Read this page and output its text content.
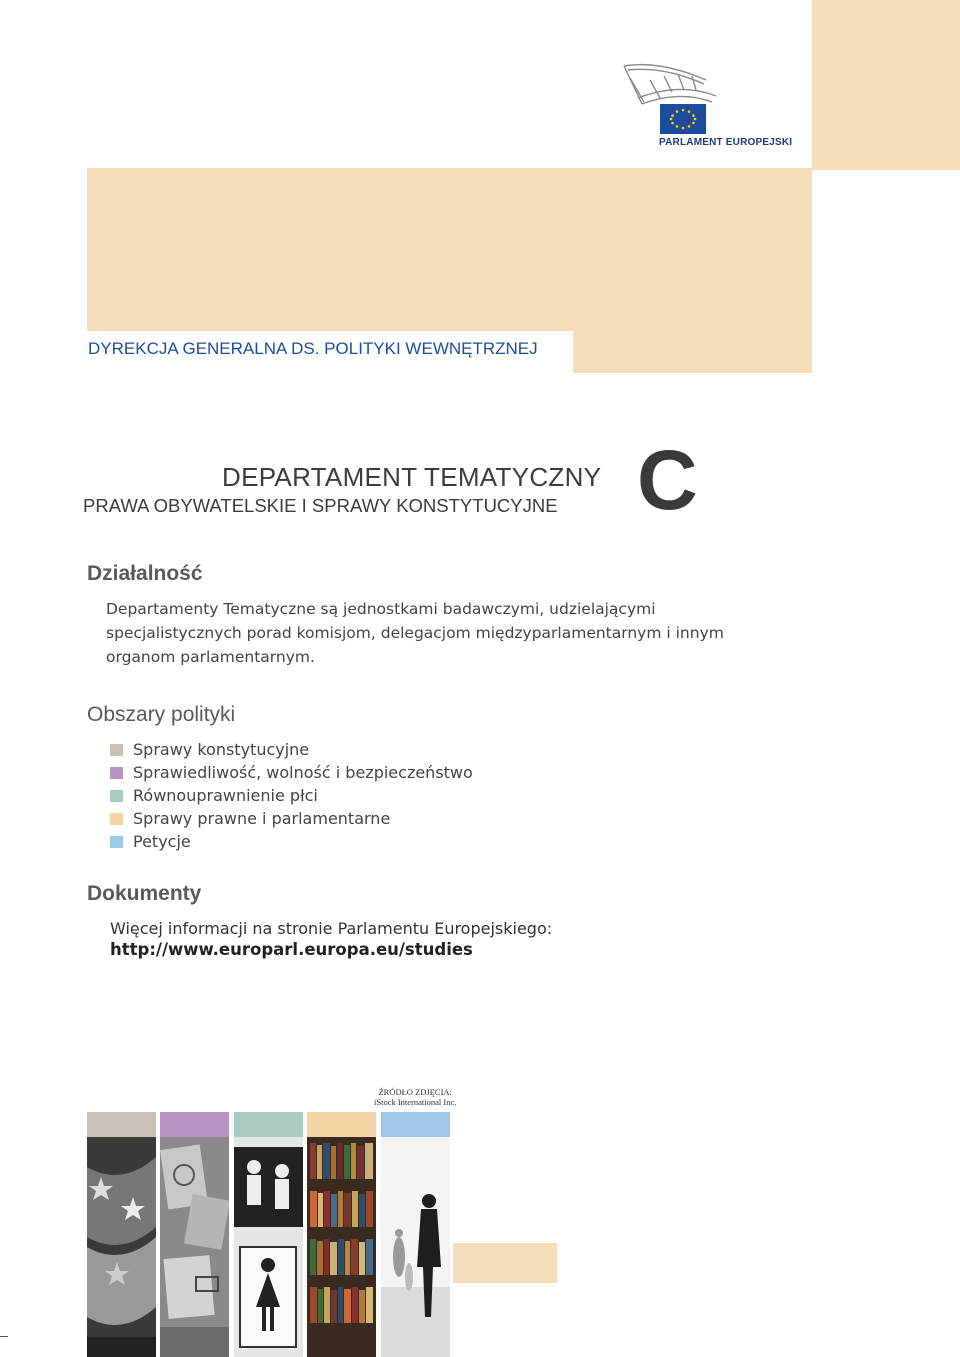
PARLAMENT EUROPEJSKI
DYREKCJA GENERALNA DS. POLITYKI WEWNĘTRZNEJ
DEPARTAMENT TEMATYCZNY
PRAWA OBYWATELSKIE I SPRAWY KONSTYTUCYJNE C
Działalność
Departamenty Tematyczne są jednostkami badawczymi, udzielającymi specjalistycznych porad komisjom, delegacjom międzyparlamentarnym i innym organom parlamentarnym.
Obszary polityki
Sprawy konstytucyjne
Sprawiedliwość, wolność i bezpieczeństwo
Równouprawnienie płci
Sprawy prawne i parlamentarne
Petycje
Dokumenty
Więcej informacji na stronie Parlamentu Europejskiego:
http://www.europarl.europa.eu/studies
ŹRÓDŁO ZDJĘCIA:
iStock International Inc.
